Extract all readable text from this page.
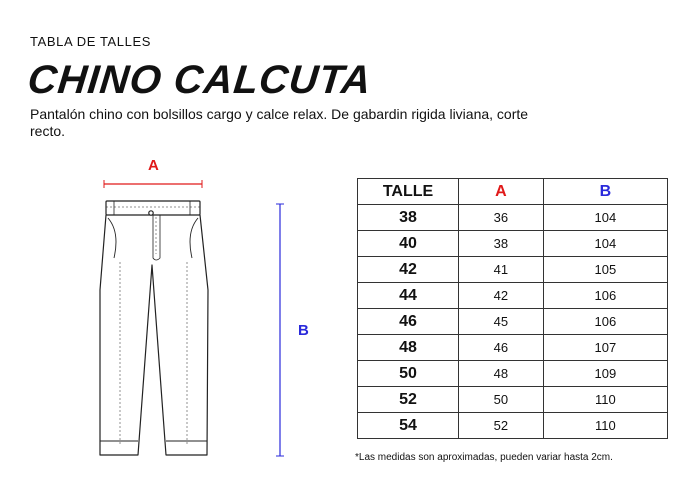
TABLA DE TALLES
CHINO CALCUTA
Pantalón chino con bolsillos cargo y calce relax. De gabardin rigida liviana, corte recto.
A
B
TALLE	A	B
38	36	104
40	38	104
42	41	105
44	42	106
46	45	106
48	46	107
50	48	109
52	50	110
54	52	110
*Las medidas son aproximadas, pueden variar hasta 2cm.
